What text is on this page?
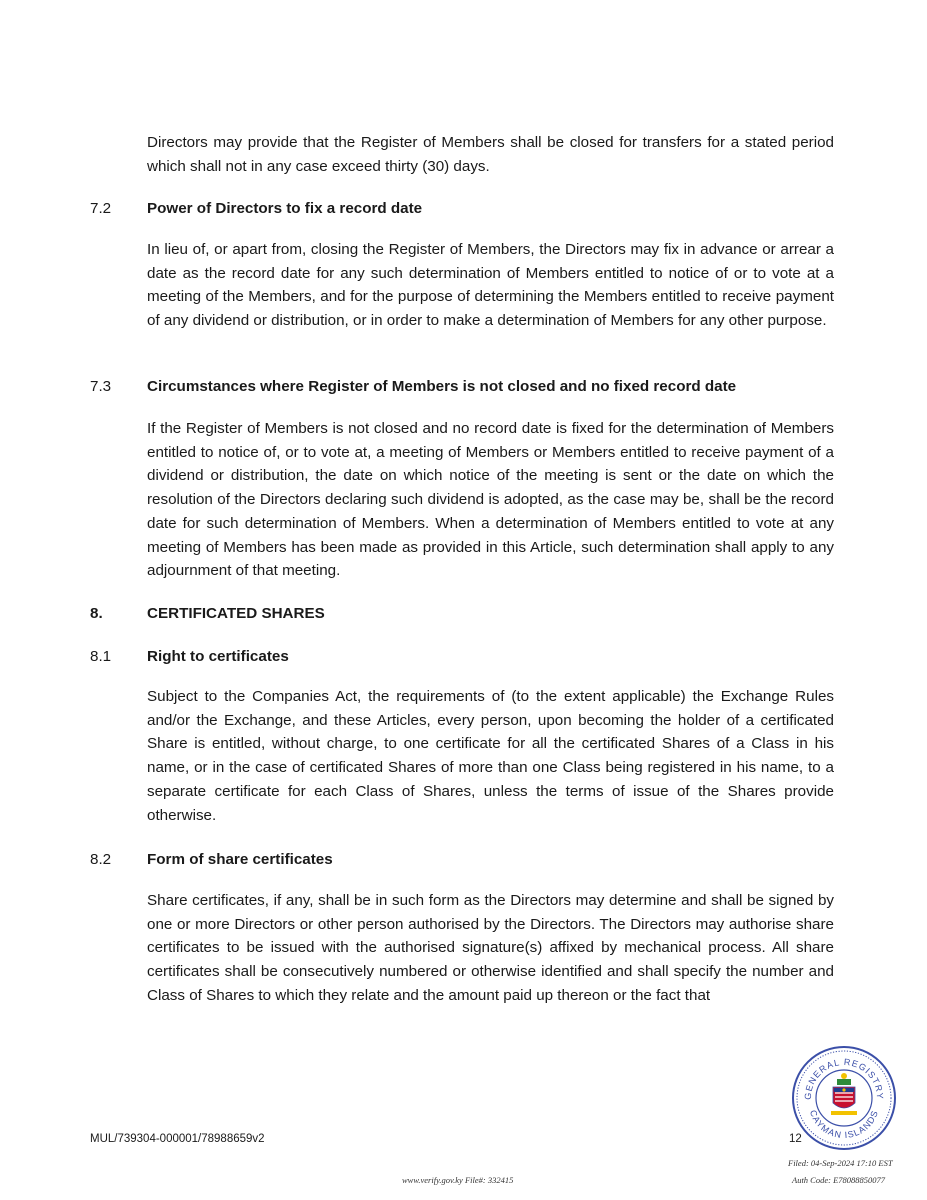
Directors may provide that the Register of Members shall be closed for transfers for a stated period which shall not in any case exceed thirty (30) days.

7.2 Power of Directors to fix a record date

In lieu of, or apart from, closing the Register of Members, the Directors may fix in advance or arrear a date as the record date for any such determination of Members entitled to notice of or to vote at a meeting of the Members, and for the purpose of determining the Members entitled to receive payment of any dividend or distribution, or in order to make a determination of Members for any other purpose.

7.3 Circumstances where Register of Members is not closed and no fixed record date

If the Register of Members is not closed and no record date is fixed for the determination of Members entitled to notice of, or to vote at, a meeting of Members or Members entitled to receive payment of a dividend or distribution, the date on which notice of the meeting is sent or the date on which the resolution of the Directors declaring such dividend is adopted, as the case may be, shall be the record date for such determination of Members. When a determination of Members entitled to vote at any meeting of Members has been made as provided in this Article, such determination shall apply to any adjournment of that meeting.

8.	CERTIFICATED SHARES
8.1 Right to certificates

Subject to the Companies Act, the requirements of (to the extent applicable) the Exchange Rules and/or the Exchange, and these Articles, every person, upon becoming the holder of a certificated Share is entitled, without charge, to one certificate for all the certificated Shares of a Class in his name, or in the case of certificated Shares of more than one Class being registered in his name, to a separate certificate for each Class of Shares, unless the terms of issue of the Shares provide otherwise.

8.2 Form of share certificates

Share certificates, if any, shall be in such form as the Directors may determine and shall be signed by one or more Directors or other person authorised by the Directors. The Directors may authorise share certificates to be issued with the authorised signature(s) affixed by mechanical process. All share certificates shall be consecutively numbered or otherwise identified and shall specify the number and Class of Shares to which they relate and the amount paid up thereon or the fact that

MUL/739304-000001/78988659v2	12
www.verify.gov.ky File#: 332415
Filed: 04-Sep-2024 17:10 EST
Auth Code: E78088850077
GENERAL REGISTRY
CAYMAN ISLANDS
